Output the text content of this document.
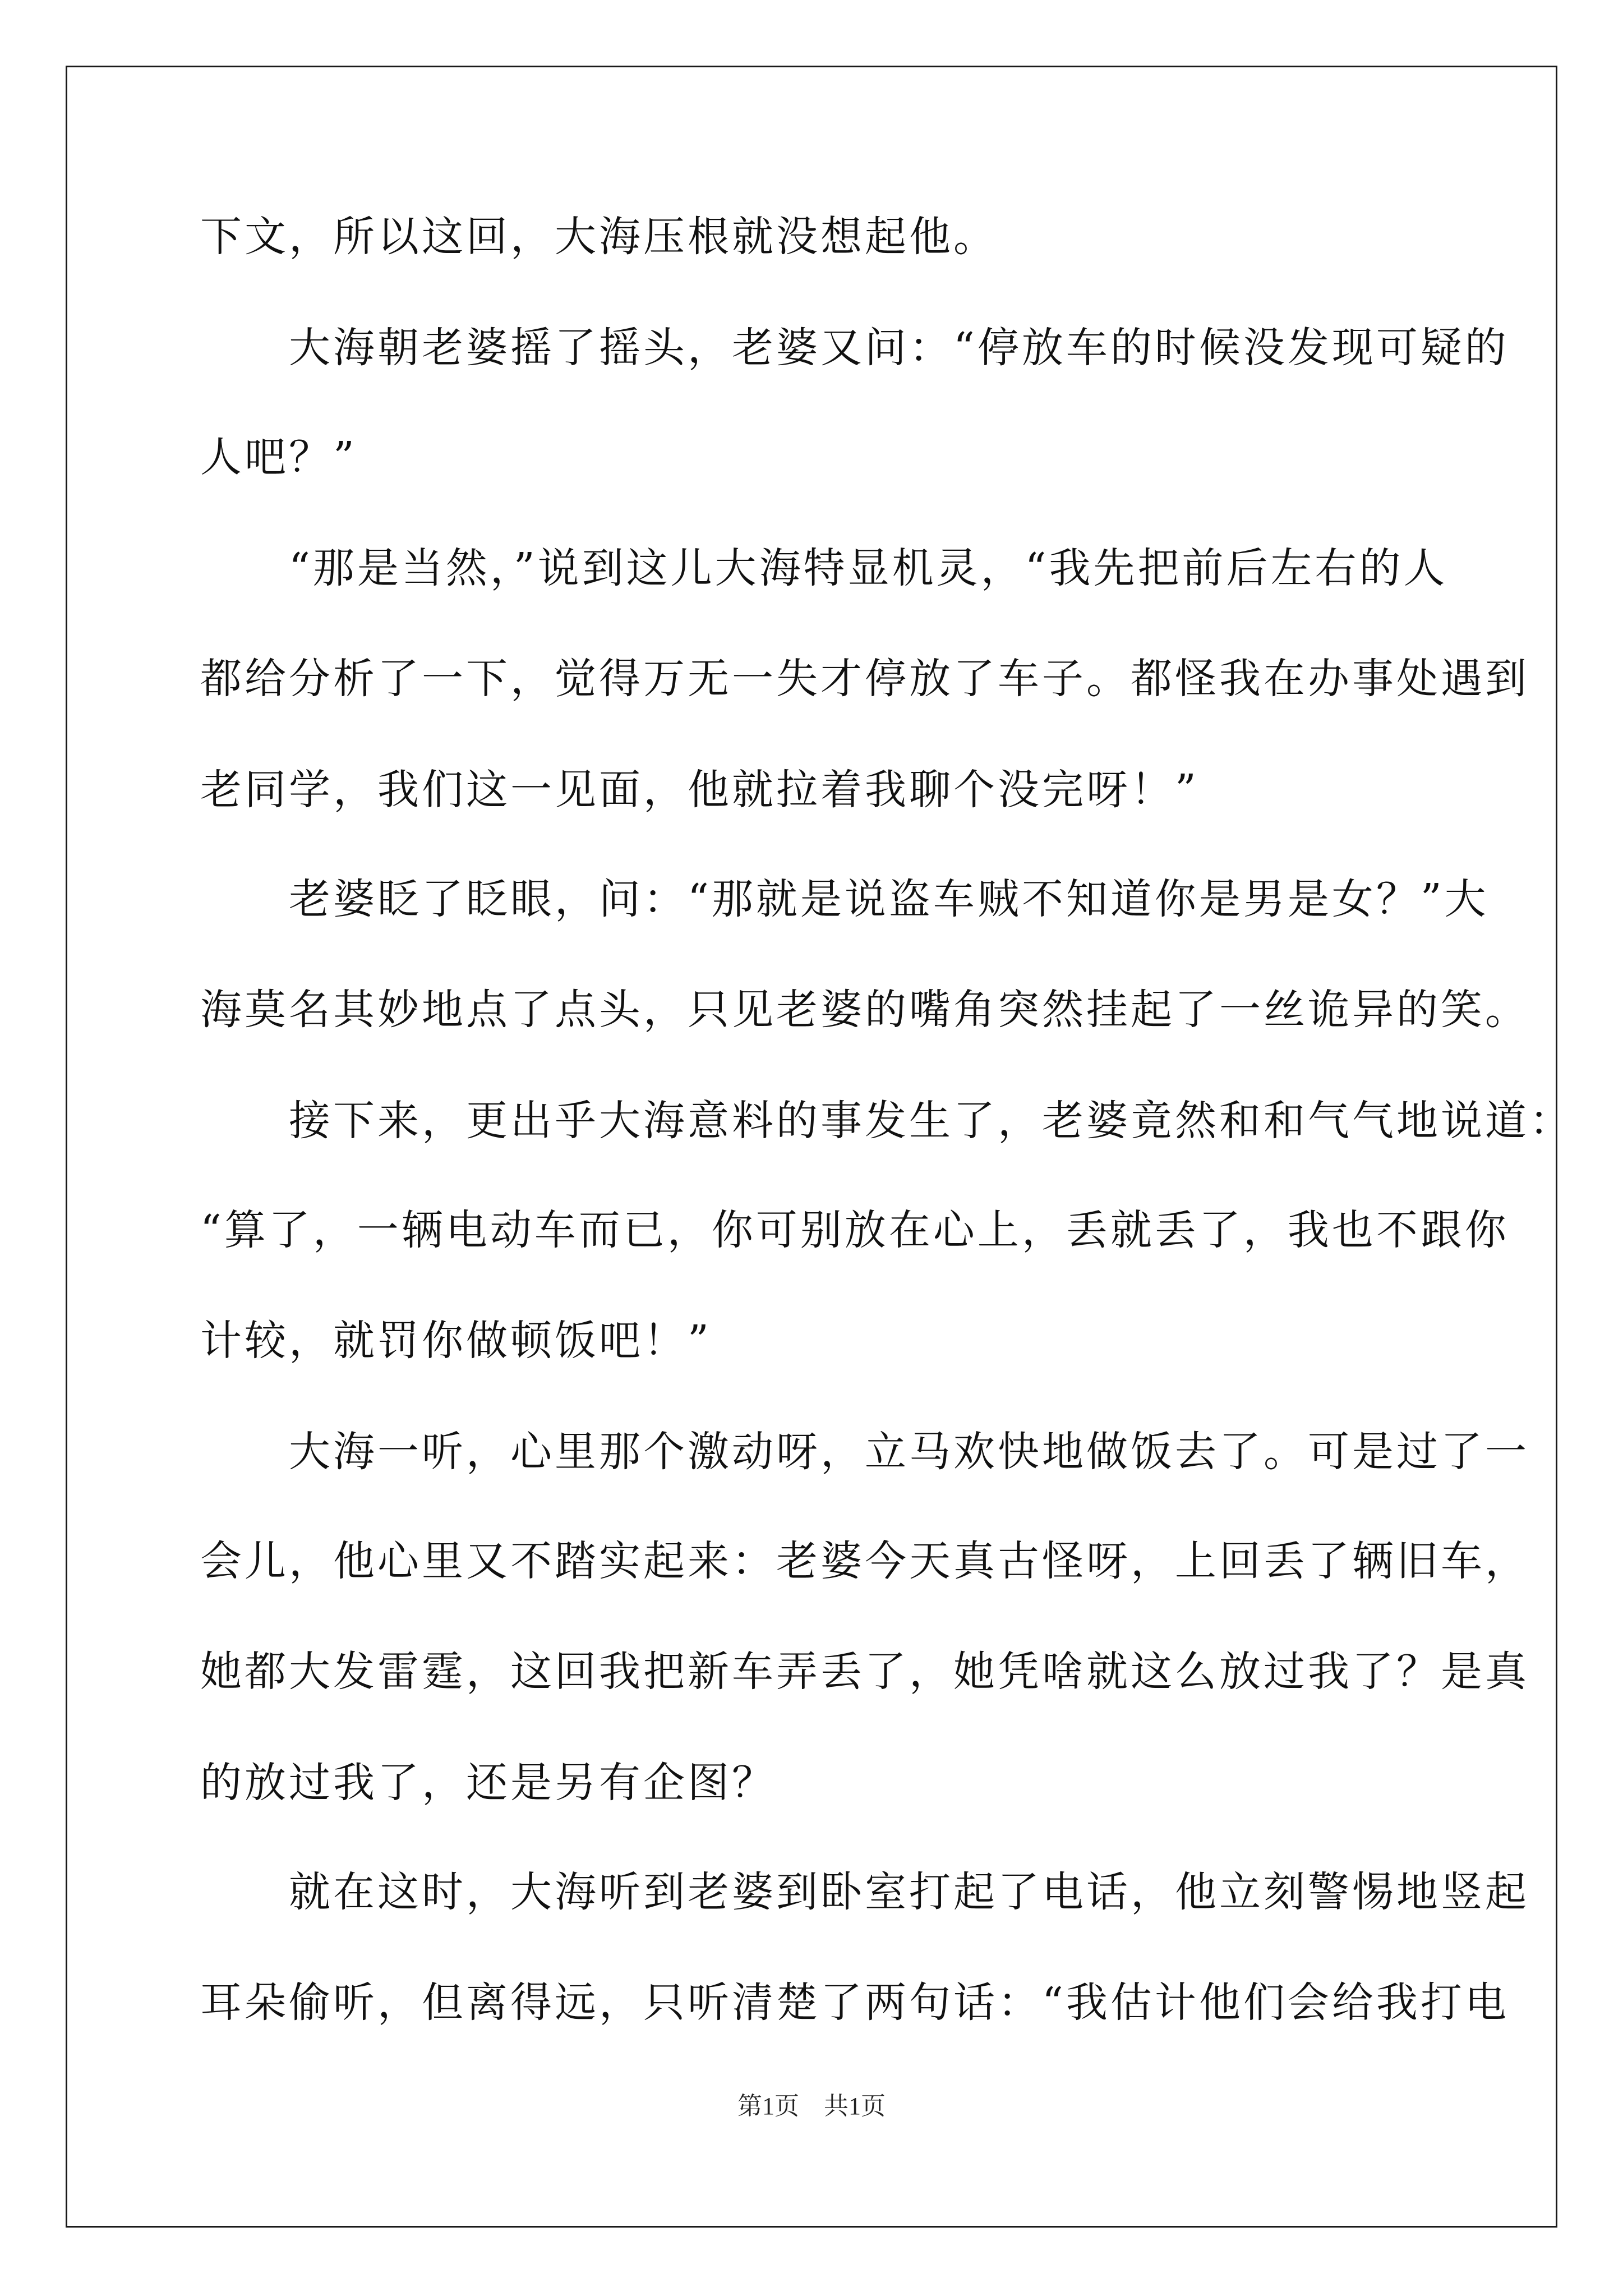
下文，所以这回，大海压根就没想起他。
　　大海朝老婆摇了摇头，老婆又问：“停放车的时候没发现可疑的
人吧？”
　　“那是当然，”说到这儿大海特显机灵，“我先把前后左右的人
都给分析了一下，觉得万无一失才停放了车子。都怪我在办事处遇到
老同学，我们这一见面，他就拉着我聊个没完呀！”
　　老婆眨了眨眼，问：“那就是说盗车贼不知道你是男是女？”大
海莫名其妙地点了点头，只见老婆的嘴角突然挂起了一丝诡异的笑。
　　接下来，更出乎大海意料的事发生了，老婆竟然和和气气地说道：
“算了，一辆电动车而已，你可别放在心上，丢就丢了，我也不跟你
计较，就罚你做顿饭吧！”
　　大海一听，心里那个激动呀，立马欢快地做饭去了。可是过了一
会儿，他心里又不踏实起来：老婆今天真古怪呀，上回丢了辆旧车，
她都大发雷霆，这回我把新车弄丢了，她凭啥就这么放过我了？是真
的放过我了，还是另有企图？
　　就在这时，大海听到老婆到卧室打起了电话，他立刻警惕地竖起
耳朵偷听，但离得远，只听清楚了两句话：“我估计他们会给我打电
第1页　共1页
